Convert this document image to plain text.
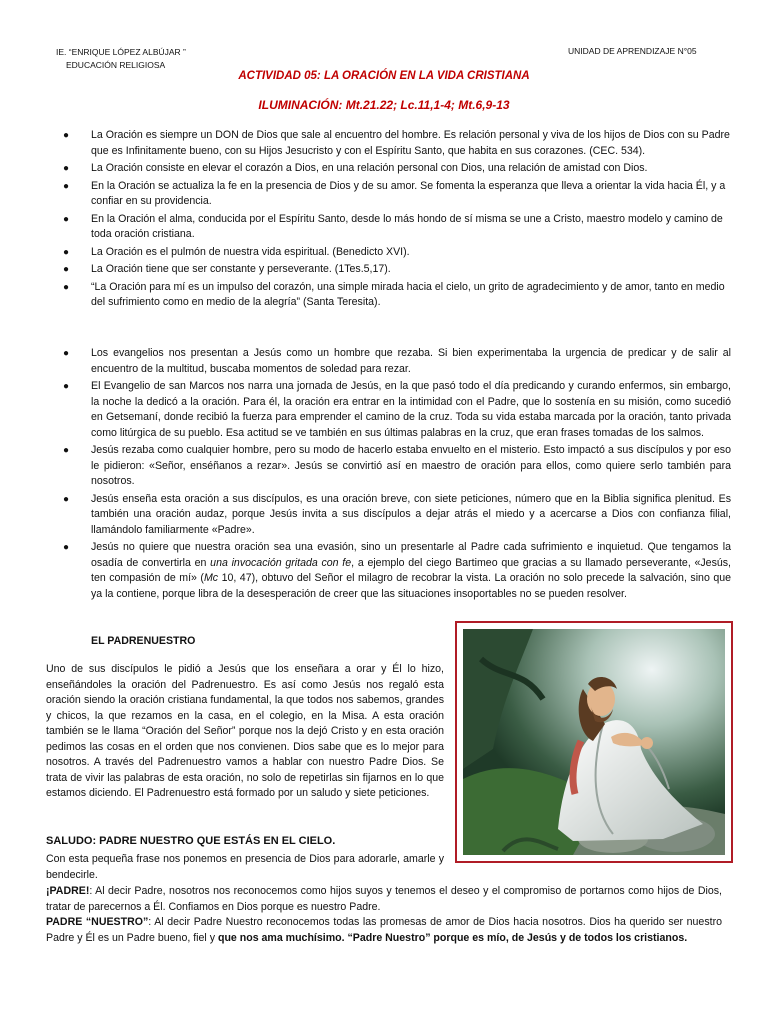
IE. “ENRIQUE LÓPEZ ALBÚJAR ”
EDUCACIÓN RELIGIOSA
UNIDAD DE APRENDIZAJE N°05
ACTIVIDAD 05: LA ORACIÓN EN LA VIDA CRISTIANA
ILUMINACIÓN: Mt.21.22; Lc.11,1-4; Mt.6,9-13
● La Oración es siempre un DON de Dios que sale al encuentro del hombre. Es relación personal y viva de los hijos de Dios con su Padre que es Infinitamente bueno, con su Hijos Jesucristo y con el Espíritu Santo, que habita en sus corazones. (CEC. 534).
● La Oración consiste en elevar el corazón a Dios, en una relación personal con Dios, una relación de amistad con Dios.
● En la Oración se actualiza la fe en la presencia de Dios y de su amor. Se fomenta la esperanza que lleva a orientar la vida hacia Él, y a confiar en su providencia.
● En la Oración el alma, conducida por el Espíritu Santo, desde lo más hondo de sí misma se une a Cristo, maestro modelo y camino de toda oración cristiana.
● La Oración es el pulmón de nuestra vida espiritual. (Benedicto XVI).
● La Oración tiene que ser constante y perseverante. (1Tes.5,17).
● “La Oración para mí es un impulso del corazón, una simple mirada hacia el cielo, un grito de agradecimiento y de amor, tanto en medio del sufrimiento como en medio de la alegría” (Santa Teresita).
● Los evangelios nos presentan a Jesús como un hombre que rezaba. Si bien experimentaba la urgencia de predicar y de salir al encuentro de la multitud, buscaba momentos de soledad para rezar.
● El Evangelio de san Marcos nos narra una jornada de Jesús, en la que pasó todo el día predicando y curando enfermos, sin embargo, la noche la dedicó a la oración. Para él, la oración era entrar en la intimidad con el Padre, que lo sostenía en su misión, como sucedió en Getsemaní, donde recibió la fuerza para emprender el camino de la cruz. Toda su vida estaba marcada por la oración, tanto privada como litúrgica de su pueblo. Esa actitud se ve también en sus últimas palabras en la cruz, que eran frases tomadas de los salmos.
● Jesús rezaba como cualquier hombre, pero su modo de hacerlo estaba envuelto en el misterio. Esto impactó a sus discípulos y por eso le pidieron: «Señor, enséñanos a rezar». Jesús se convirtió así en maestro de oración para ellos, como quiere serlo también para nosotros.
● Jesús enseña esta oración a sus discípulos, es una oración breve, con siete peticiones, número que en la Biblia significa plenitud. Es también una oración audaz, porque Jesús invita a sus discípulos a dejar atrás el miedo y a acercarse a Dios con confianza filial, llamándolo familiarmente «Padre».
● Jesús no quiere que nuestra oración sea una evasión, sino un presentarle al Padre cada sufrimiento e inquietud. Que tengamos la osadía de convertirla en una invocación gritada con fe, a ejemplo del ciego Bartimeo que gracias a su llamado perseverante, «Jesús, ten compasión de mí» (Mc 10, 47), obtuvo del Señor el milagro de recobrar la vista. La oración no solo precede la salvación, sino que ya la contiene, porque libra de la desesperación de creer que las situaciones insoportables no se pueden resolver.
EL PADRENUESTRO
Uno de sus discípulos le pidió a Jesús que los enseñara a orar y Él lo hizo, enseñándoles la oración del Padrenuestro. Es así como Jesús nos regaló esta oración siendo la oración cristiana fundamental, la que todos nos sabemos, grandes y chicos, la que rezamos en la casa, en el colegio, en la Misa. A esta oración también se le llama “Oración del Señor” porque nos la dejó Cristo y en esta oración pedimos las cosas en el orden que nos convienen. Dios sabe que es lo mejor para nosotros. A través del Padrenuestro vamos a hablar con nuestro Padre Dios. Se trata de vivir las palabras de esta oración, no solo de repetirlas sin fijarnos en lo que estamos diciendo. El Padrenuestro está formado por un saludo y siete peticiones.
SALUDO: PADRE NUESTRO QUE ESTÁS EN EL CIELO.
Con esta pequeña frase nos ponemos en presencia de Dios para adorarle, amarle y bendecirle.
¡PADRE!: Al decir Padre, nosotros nos reconocemos como hijos suyos y tenemos el deseo y el compromiso de portarnos como hijos de Dios, tratar de parecernos a Él. Confiamos en Dios porque es nuestro Padre.
PADRE “NUESTRO”: Al decir Padre Nuestro reconocemos todas las promesas de amor de Dios hacia nosotros. Dios ha querido ser nuestro Padre y Él es un Padre bueno, fiel y que nos ama muchísimo. “Padre Nuestro” porque es mío, de Jesús y de todos los cristianos.
